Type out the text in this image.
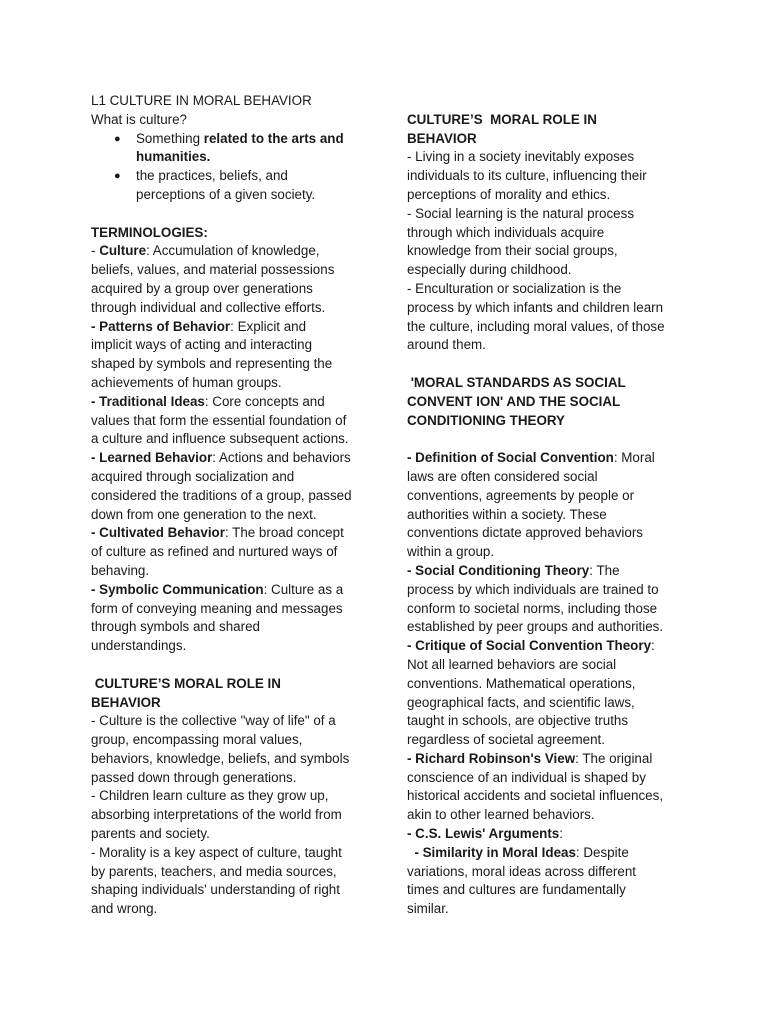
L1 CULTURE IN MORAL BEHAVIOR
What is culture?
● Something related to the arts and
humanities.
● the practices, beliefs, and
perceptions of a given society.
TERMINOLOGIES:
- Culture: Accumulation of knowledge,
beliefs, values, and material possessions
acquired by a group over generations
through individual and collective efforts.
- Patterns of Behavior: Explicit and
implicit ways of acting and interacting
shaped by symbols and representing the
achievements of human groups.
- Traditional Ideas: Core concepts and
values that form the essential foundation of
a culture and influence subsequent actions.
- Learned Behavior: Actions and behaviors
acquired through socialization and
considered the traditions of a group, passed
down from one generation to the next.
- Cultivated Behavior: The broad concept
of culture as refined and nurtured ways of
behaving.
- Symbolic Communication: Culture as a
form of conveying meaning and messages
through symbols and shared
understandings.
CULTURE’S MORAL ROLE IN
BEHAVIOR
- Culture is the collective "way of life" of a
group, encompassing moral values,
behaviors, knowledge, beliefs, and symbols
passed down through generations.
- Children learn culture as they grow up,
absorbing interpretations of the world from
parents and society.
- Morality is a key aspect of culture, taught
by parents, teachers, and media sources,
shaping individuals' understanding of right
and wrong.
CULTURE’S  MORAL ROLE IN
BEHAVIOR
- Living in a society inevitably exposes
individuals to its culture, influencing their
perceptions of morality and ethics.
- Social learning is the natural process
through which individuals acquire
knowledge from their social groups,
especially during childhood.
- Enculturation or socialization is the
process by which infants and children learn
the culture, including moral values, of those
around them.
'MORAL STANDARDS AS SOCIAL
CONVENT ION' AND THE SOCIAL
CONDITIONING THEORY
- Definition of Social Convention: Moral
laws are often considered social
conventions, agreements by people or
authorities within a society. These
conventions dictate approved behaviors
within a group.
- Social Conditioning Theory: The
process by which individuals are trained to
conform to societal norms, including those
established by peer groups and authorities.
- Critique of Social Convention Theory:
Not all learned behaviors are social
conventions. Mathematical operations,
geographical facts, and scientific laws,
taught in schools, are objective truths
regardless of societal agreement.
- Richard Robinson's View: The original
conscience of an individual is shaped by
historical accidents and societal influences,
akin to other learned behaviors.
- C.S. Lewis' Arguments:
- Similarity in Moral Ideas: Despite
variations, moral ideas across different
times and cultures are fundamentally
similar.
